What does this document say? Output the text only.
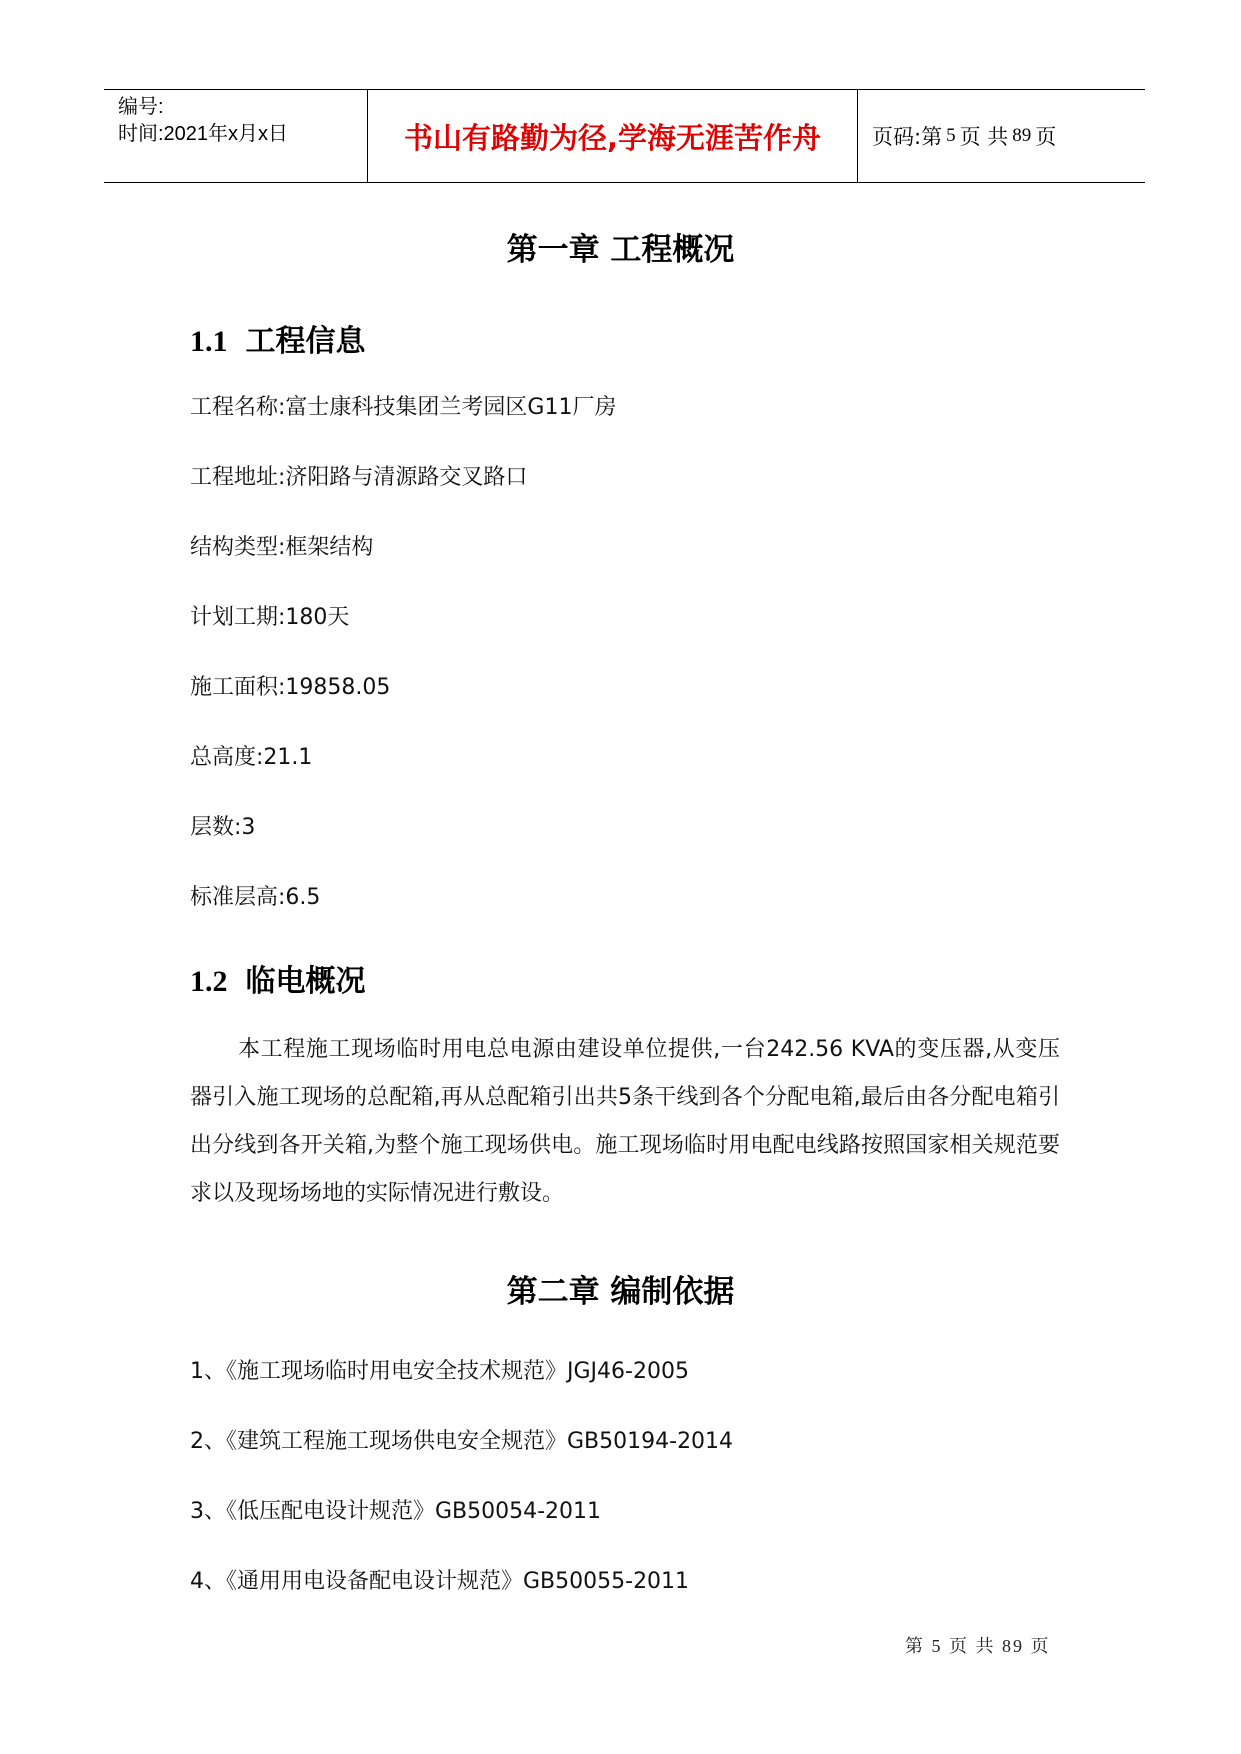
编号:
时间:2021年x月x日	书山有路勤为径,学海无涯苦作舟	页码:第 5 页 共 89 页
第一章 工程概况
1.1 工程信息
工程名称:富士康科技集团兰考园区G11厂房
工程地址:济阳路与清源路交叉路口
结构类型:框架结构
计划工期:180天
施工面积:19858.05
总高度:21.1
层数:3
标准层高:6.5
1.2 临电概况
本工程施工现场临时用电总电源由建设单位提供,一台242.56 KVA的变压器,从变压器引入施工现场的总配箱,再从总配箱引出共5条干线到各个分配电箱,最后由各分配电箱引出分线到各开关箱,为整个施工现场供电。施工现场临时用电配电线路按照国家相关规范要求以及现场场地的实际情况进行敷设。
第二章 编制依据
1、《施工现场临时用电安全技术规范》JGJ46-2005
2、《建筑工程施工现场供电安全规范》GB50194-2014
3、《低压配电设计规范》GB50054-2011
4、《通用用电设备配电设计规范》GB50055-2011
第 5 页 共 89 页
